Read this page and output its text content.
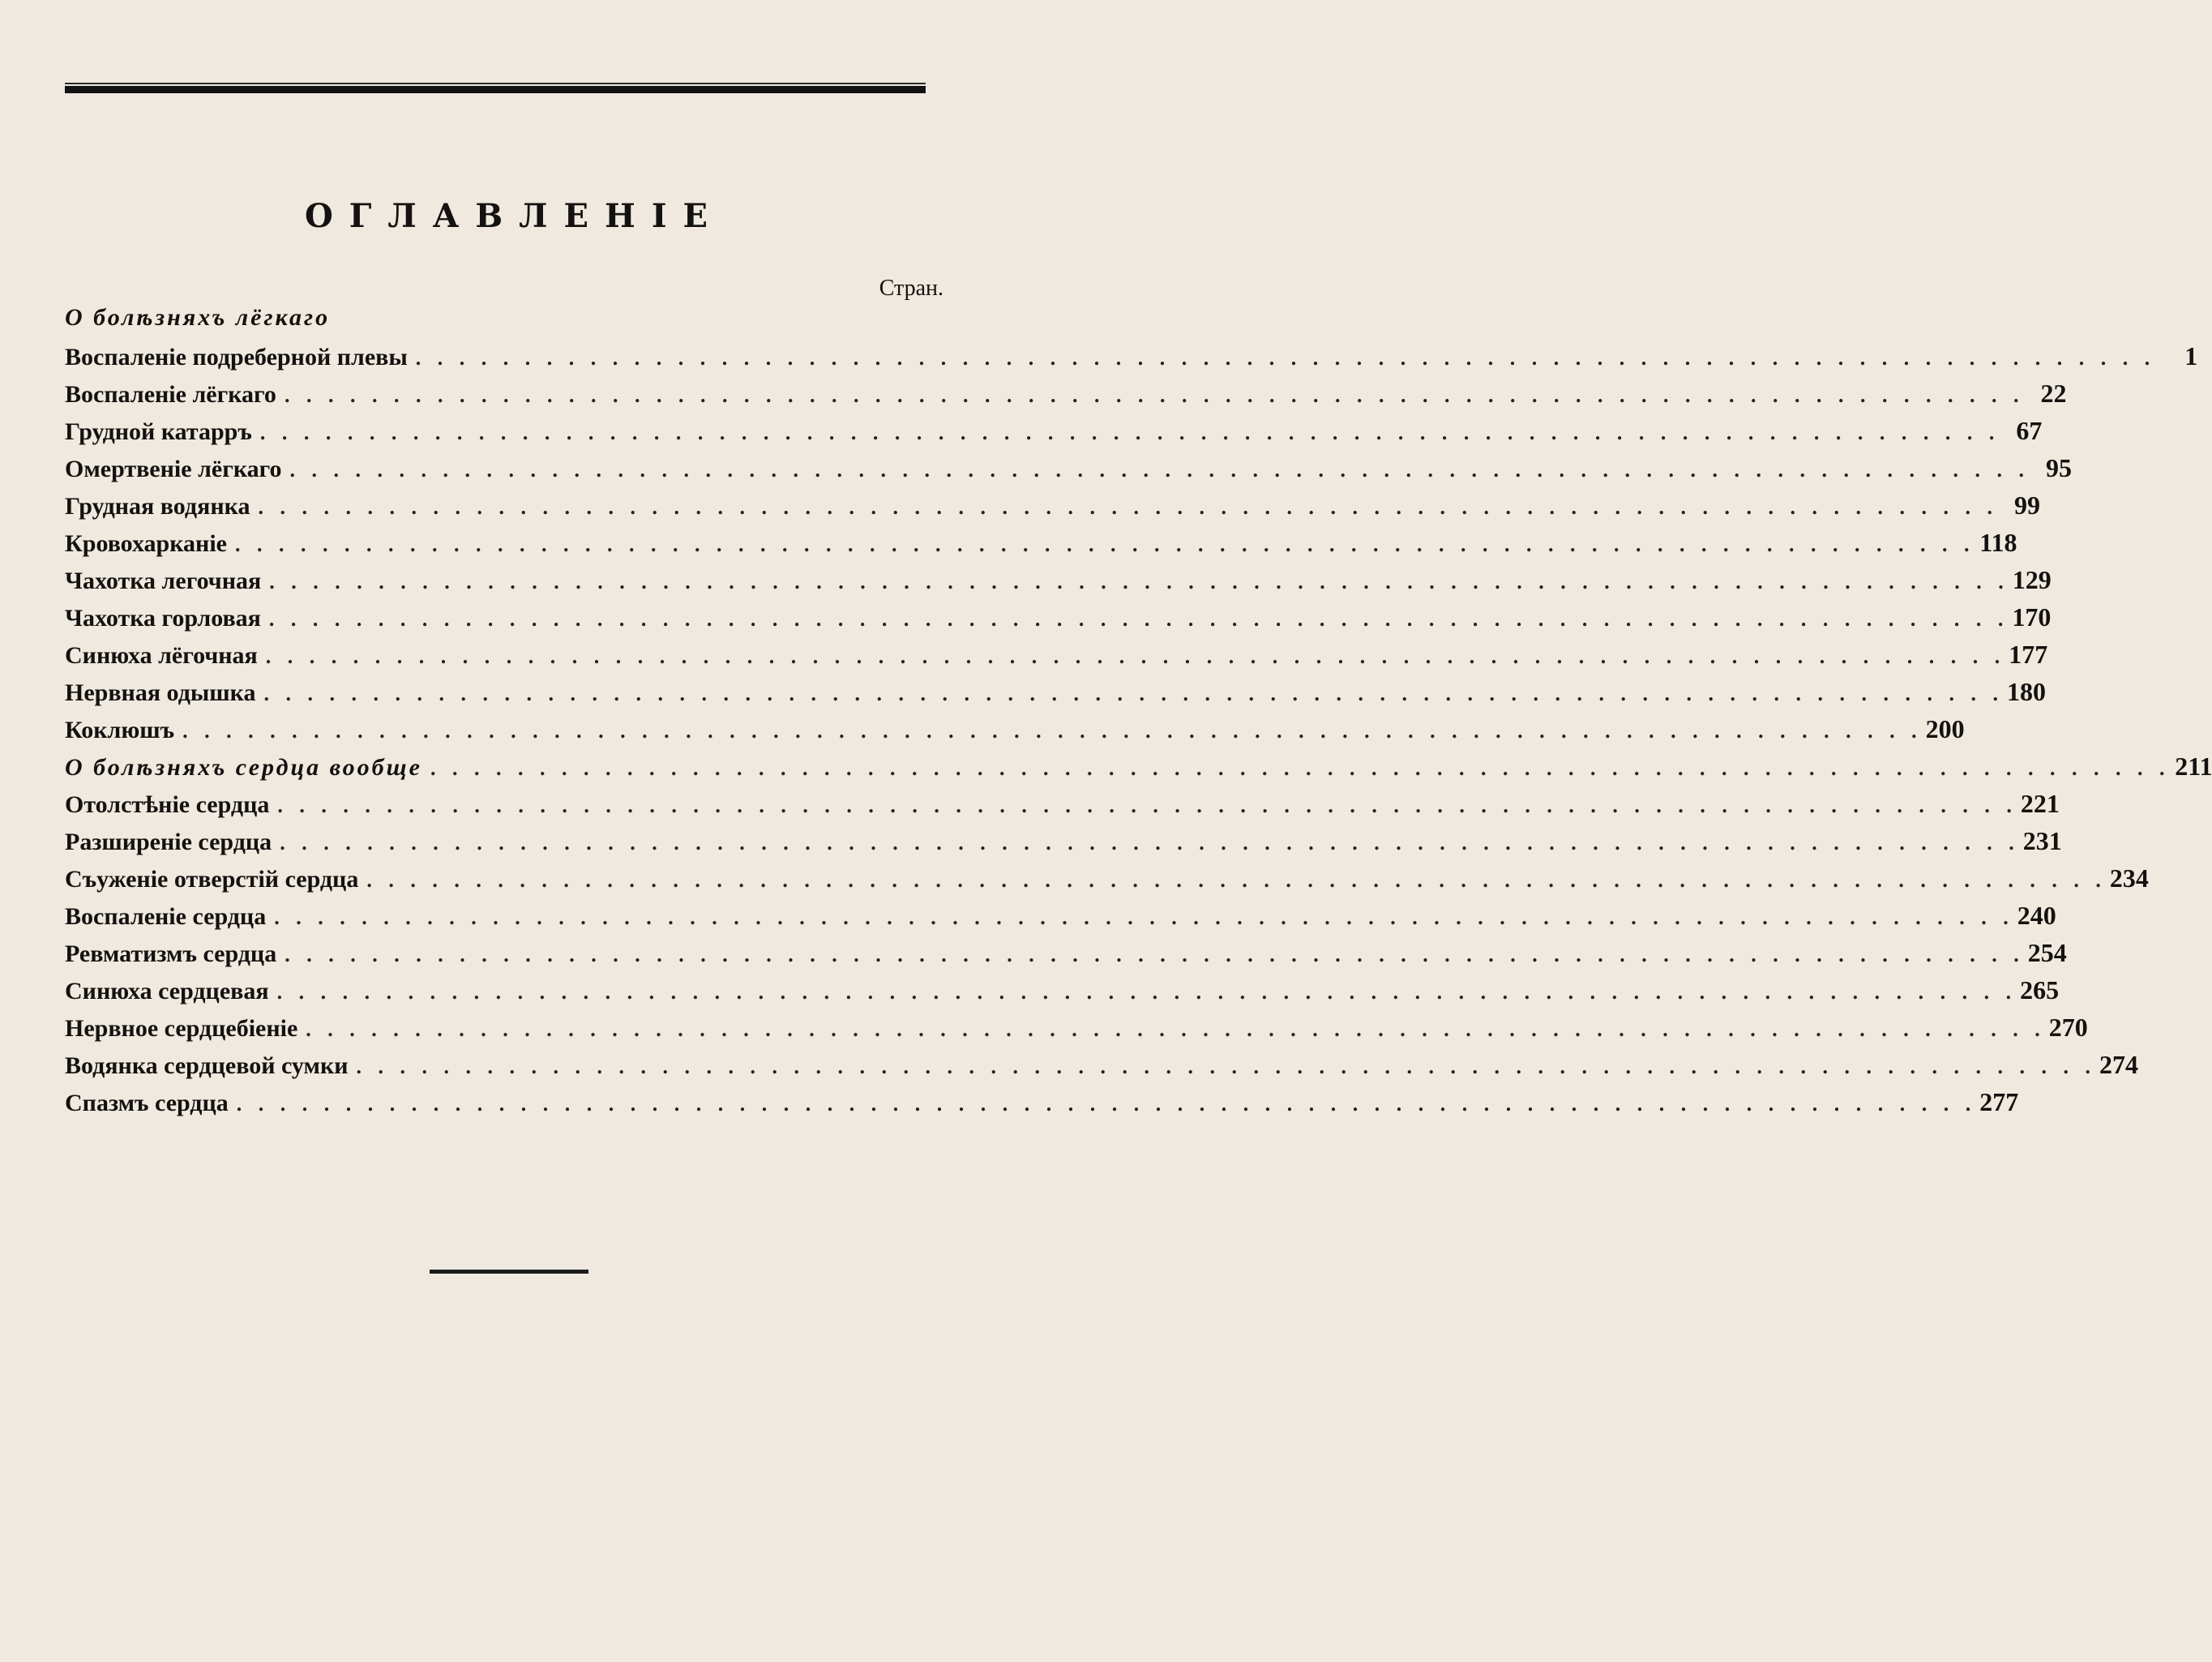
ОГЛАВЛЕНІЕ
Стран.
О болѣзняхъ лёгкаго
Воспаленіе подреберной плевы . . . . . . . . . . . . . . . . . . . . . . . . . . . . . . . . . . . . . . . . . . . . . . . . . . . . . . . . . . . . . . . . . . . . . . . . . . . . . . . .	1
Воспаленіе лёгкаго . . . . . . . . . . . . . . . . . . . . . . . . . . . . . . . . . . . . . . . . . . . . . . . . . . . . . . . . . . . . . . . . . . . . . . . . . . . . . . . . 22
Грудной катарръ . . . . . . . . . . . . . . . . . . . . . . . . . . . . . . . . . . . . . . . . . . . . . . . . . . . . . . . . . . . . . . . . . . . . . . . . . . . . . . . . 67
Омертвеніе лёгкаго . . . . . . . . . . . . . . . . . . . . . . . . . . . . . . . . . . . . . . . . . . . . . . . . . . . . . . . . . . . . . . . . . . . . . . . . . . . . . . . . 95
Грудная водянка . . . . . . . . . . . . . . . . . . . . . . . . . . . . . . . . . . . . . . . . . . . . . . . . . . . . . . . . . . . . . . . . . . . . . . . . . . . . . . . . 99
Кровохарканіе . . . . . . . . . . . . . . . . . . . . . . . . . . . . . . . . . . . . . . . . . . . . . . . . . . . . . . . . . . . . . . . . . . . . . . . . . . . . . . . . 118
Чахотка легочная . . . . . . . . . . . . . . . . . . . . . . . . . . . . . . . . . . . . . . . . . . . . . . . . . . . . . . . . . . . . . . . . . . . . . . . . . . . . . . . . 129
Чахотка горловая . . . . . . . . . . . . . . . . . . . . . . . . . . . . . . . . . . . . . . . . . . . . . . . . . . . . . . . . . . . . . . . . . . . . . . . . . . . . . . . . 170
Синюха лёгочная . . . . . . . . . . . . . . . . . . . . . . . . . . . . . . . . . . . . . . . . . . . . . . . . . . . . . . . . . . . . . . . . . . . . . . . . . . . . . . . . 177
Нервная одышка . . . . . . . . . . . . . . . . . . . . . . . . . . . . . . . . . . . . . . . . . . . . . . . . . . . . . . . . . . . . . . . . . . . . . . . . . . . . . . . . 180
Коклюшъ . . . . . . . . . . . . . . . . . . . . . . . . . . . . . . . . . . . . . . . . . . . . . . . . . . . . . . . . . . . . . . . . . . . . . . . . . . . . . . . . 200
О болѣзняхъ сердца вообще . . . . . . . . . . . . . . . . . . . . . . . . . . . . . . . . . . . . . . . . . . . . . . . . . . . . . . . . . . . . . . . . . . . . . . . . . . . . . . . . 211
Отолстѣніе сердца . . . . . . . . . . . . . . . . . . . . . . . . . . . . . . . . . . . . . . . . . . . . . . . . . . . . . . . . . . . . . . . . . . . . . . . . . . . . . . . . 221
Разширеніе сердца . . . . . . . . . . . . . . . . . . . . . . . . . . . . . . . . . . . . . . . . . . . . . . . . . . . . . . . . . . . . . . . . . . . . . . . . . . . . . . . . 231
Съуженіе отверстій сердца . . . . . . . . . . . . . . . . . . . . . . . . . . . . . . . . . . . . . . . . . . . . . . . . . . . . . . . . . . . . . . . . . . . . . . . . . . . . . . . . 234
Воспаленіе сердца . . . . . . . . . . . . . . . . . . . . . . . . . . . . . . . . . . . . . . . . . . . . . . . . . . . . . . . . . . . . . . . . . . . . . . . . . . . . . . . . 240
Ревматизмъ сердца . . . . . . . . . . . . . . . . . . . . . . . . . . . . . . . . . . . . . . . . . . . . . . . . . . . . . . . . . . . . . . . . . . . . . . . . . . . . . . . . 254
Синюха сердцевая . . . . . . . . . . . . . . . . . . . . . . . . . . . . . . . . . . . . . . . . . . . . . . . . . . . . . . . . . . . . . . . . . . . . . . . . . . . . . . . . 265
Нервное сердцебіеніе . . . . . . . . . . . . . . . . . . . . . . . . . . . . . . . . . . . . . . . . . . . . . . . . . . . . . . . . . . . . . . . . . . . . . . . . . . . . . . . . 270
Водянка сердцевой сумки . . . . . . . . . . . . . . . . . . . . . . . . . . . . . . . . . . . . . . . . . . . . . . . . . . . . . . . . . . . . . . . . . . . . . . . . . . . . . . . . 274
Спазмъ сердца . . . . . . . . . . . . . . . . . . . . . . . . . . . . . . . . . . . . . . . . . . . . . . . . . . . . . . . . . . . . . . . . . . . . . . . . . . . . . . . . 277
